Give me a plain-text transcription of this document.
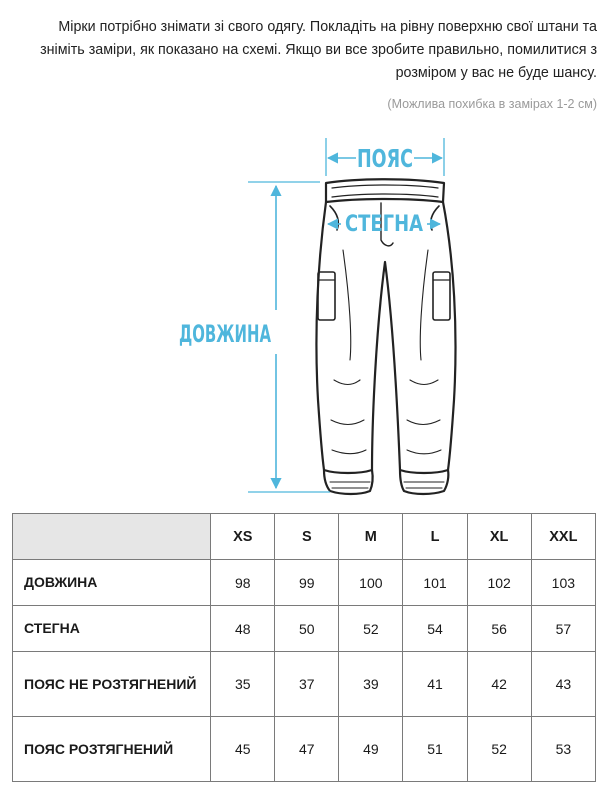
Мірки потрібно знімати зі свого одягу. Покладіть на рівну поверхню свої штани та зніміть заміри, як показано на схемі. Якщо ви все зробите правильно, помилитися з розміром у вас не буде шансу.
(Можлива похибка в замірах 1-2 см)
ПОЯС
СТЕГНА
ДОВЖИНА
	XS	S	M	L	XL	XXL
ДОВЖИНА	98	99	100	101	102	103
СТЕГНА	48	50	52	54	56	57
ПОЯС НЕ РОЗТЯГНЕНИЙ	35	37	39	41	42	43
ПОЯС РОЗТЯГНЕНИЙ	45	47	49	51	52	53
